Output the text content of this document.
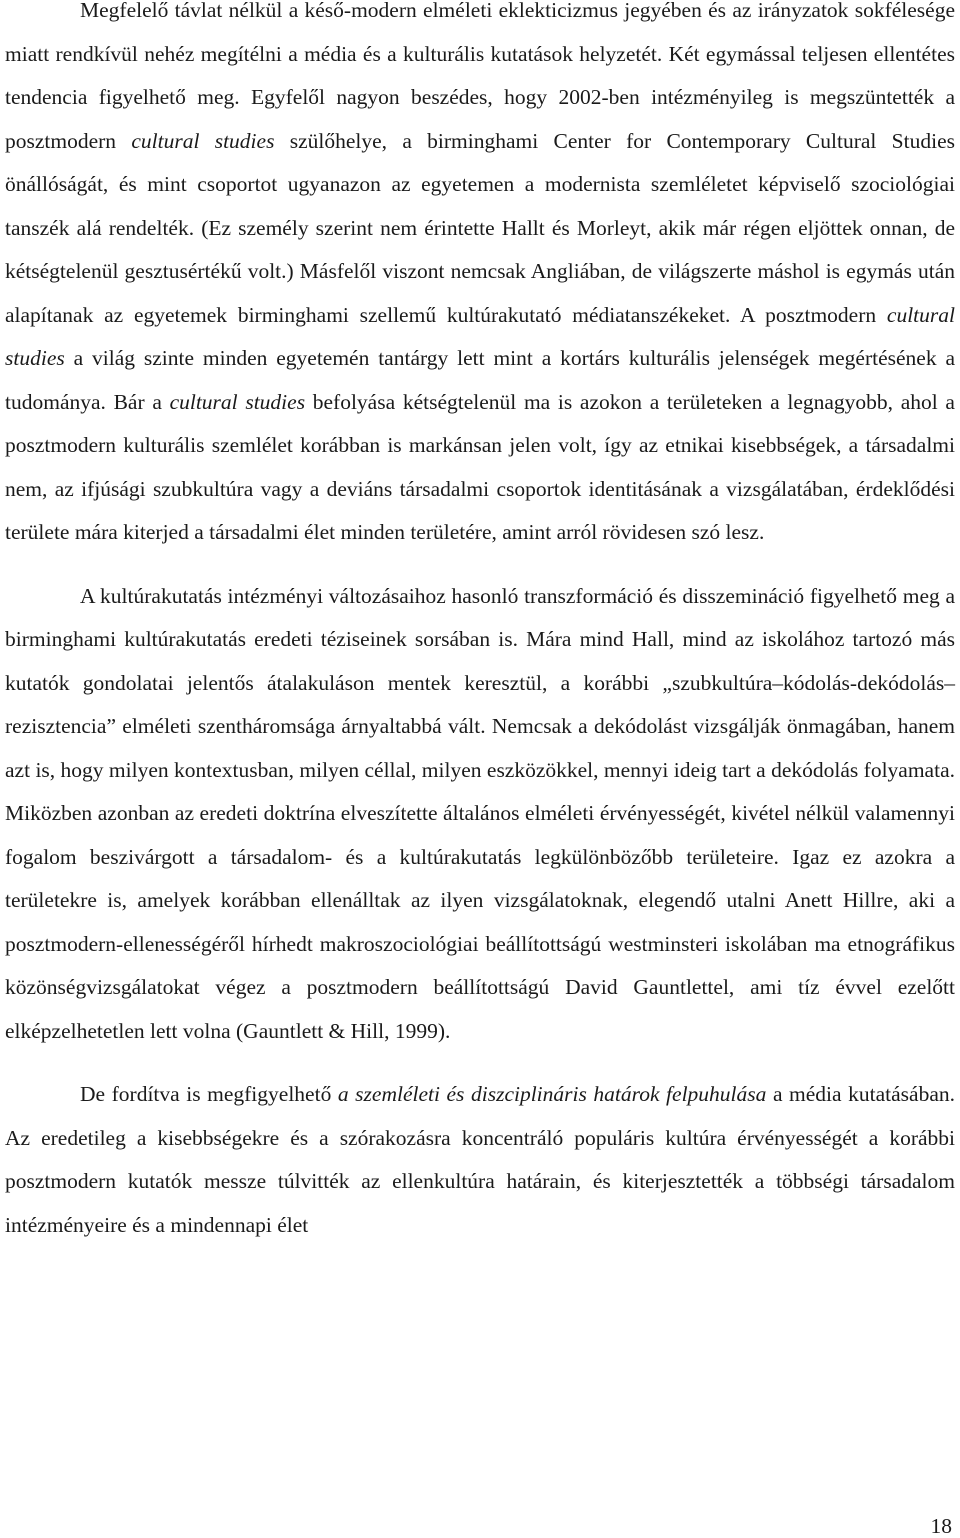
Megfelelő távlat nélkül a késő-modern elméleti eklekticizmus jegyében és az irányzatok sokfélesége miatt rendkívül nehéz megítélni a média és a kulturális kutatások helyzetét. Két egymással teljesen ellentétes tendencia figyelhető meg. Egyfelől nagyon beszédes, hogy 2002-ben intézményileg is megszüntették a posztmodern cultural studies szülőhelye, a birminghami Center for Contemporary Cultural Studies önállóságát, és mint csoportot ugyanazon az egyetemen a modernista szemléletet képviselő szociológiai tanszék alá rendelték. (Ez személy szerint nem érintette Hallt és Morleyt, akik már régen eljöttek onnan, de kétségtelenül gesztusértékű volt.) Másfelől viszont nemcsak Angliában, de világszerte máshol is egymás után alapítanak az egyetemek birminghami szellemű kultúrakutató médiatanszékeket. A posztmodern cultural studies a világ szinte minden egyetemén tantárgy lett mint a kortárs kulturális jelenségek megértésének a tudománya. Bár a cultural studies befolyása kétségtelenül ma is azokon a területeken a legnagyobb, ahol a posztmodern kulturális szemlélet korábban is markánsan jelen volt, így az etnikai kisebbségek, a társadalmi nem, az ifjúsági szubkultúra vagy a deviáns társadalmi csoportok identitásának a vizsgálatában, érdeklődési területe mára kiterjed a társadalmi élet minden területére, amint arról rövidesen szó lesz.

A kultúrakutatás intézményi változásaihoz hasonló transzformáció és disszemináció figyelhető meg a birminghami kultúrakutatás eredeti téziseinek sorsában is. Mára mind Hall, mind az iskolához tartozó más kutatók gondolatai jelentős átalakuláson mentek keresztül, a korábbi „szubkultúra–kódolás-dekódolás–rezisztencia” elméleti szentháromsága árnyaltabbá vált. Nemcsak a dekódolást vizsgálják önmagában, hanem azt is, hogy milyen kontextusban, milyen céllal, milyen eszközökkel, mennyi ideig tart a dekódolás folyamata. Miközben azonban az eredeti doktrína elveszítette általános elméleti érvényességét, kivétel nélkül valamennyi fogalom beszivárgott a társadalom- és a kultúrakutatás legkülönbözőbb területeire. Igaz ez azokra a területekre is, amelyek korábban ellenálltak az ilyen vizsgálatoknak, elegendő utalni Anett Hillre, aki a posztmodern-ellenességéről hírhedt makroszociológiai beállítottságú westminsteri iskolában ma etnográfikus közönségvizsgálatokat végez a posztmodern beállítottságú David Gauntlettel, ami tíz évvel ezelőtt elképzelhetetlen lett volna (Gauntlett & Hill, 1999).

De fordítva is megfigyelhető a szemléleti és diszciplináris határok felpuhulása a média kutatásában. Az eredetileg a kisebbségekre és a szórakozásra koncentráló populáris kultúra érvényességét a korábbi posztmodern kutatók messze túlvitték az ellenkultúra határain, és kiterjesztették a többségi társadalom intézményeire és a mindennapi élet

18
